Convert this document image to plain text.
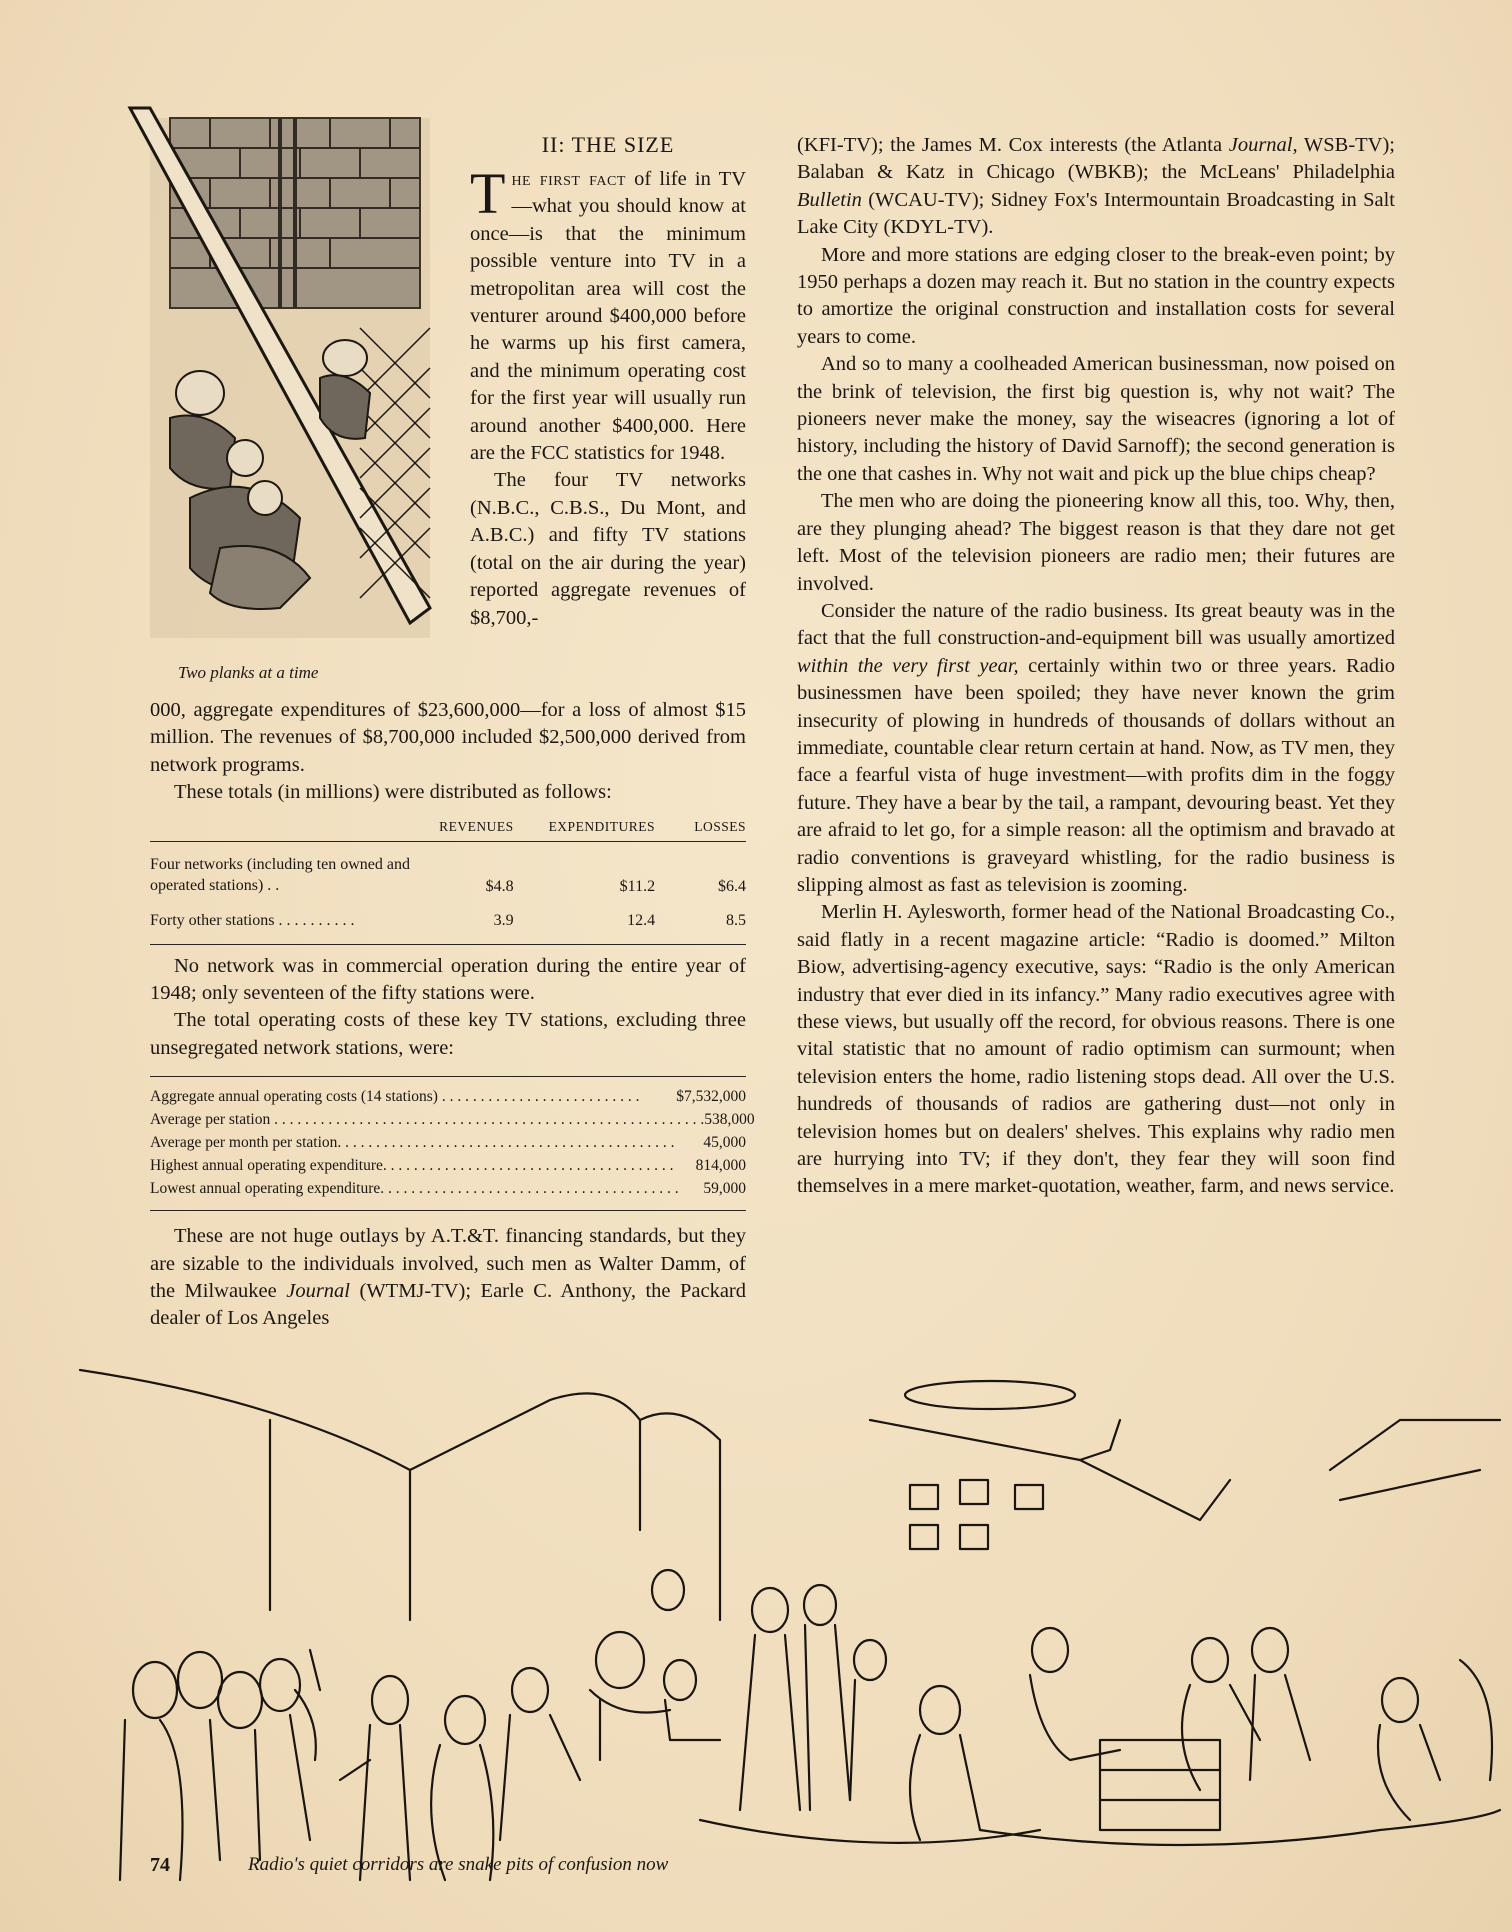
Two planks at a time
II: THE SIZE

The first fact of life in TV—what you should know at once—is that the minimum possible venture into TV in a metropolitan area will cost the venturer around $400,000 before he warms up his first camera, and the minimum operating cost for the first year will usually run around another $400,000. Here are the FCC statistics for 1948.

The four TV networks (N.B.C., C.B.S., Du Mont, and A.B.C.) and fifty TV stations (total on the air during the year) reported aggregate revenues of $8,700,-

000, aggregate expenditures of $23,600,000—for a loss of almost $15 million. The revenues of $8,700,000 included $2,500,000 derived from network programs.

These totals (in millions) were distributed as follows:

	REVENUES	EXPENDITURES	LOSSES
Four networks (including ten owned and operated stations) . .	$4.8	$11.2	$6.4
Forty other stations . . . . . . . . . .	3.9	12.4	8.5

No network was in commercial operation during the entire year of 1948; only seventeen of the fifty stations were.

The total operating costs of these key TV stations, excluding three unsegregated network stations, were:

Aggregate annual operating costs (14 stations) . . . . . . . . . . . . . . . . . . . . . . . . . .	$7,532,000
Average per station . . . . . . . . . . . . . . . . . . . . . . . . . . . . . . . . . . . . . . . . . . . . . . . . . . . . . . . . 538,000
Average per month per station. . . . . . . . . . . . . . . . . . . . . . . . . . . . . . . . . . . . . . . . . . . .	45,000
Highest annual operating expenditure. . . . . . . . . . . . . . . . . . . . . . . . . . . . . . . . . . . . . .	814,000
Lowest annual operating expenditure. . . . . . . . . . . . . . . . . . . . . . . . . . . . . . . . . . . . . . .	59,000

These are not huge outlays by A.T.&T. financing standards, but they are sizable to the individuals involved, such men as Walter Damm, of the Milwaukee Journal (WTMJ-TV); Earle C. Anthony, the Packard dealer of Los Angeles

(KFI-TV); the James M. Cox interests (the Atlanta Journal, WSB-TV); Balaban & Katz in Chicago (WBKB); the McLeans' Philadelphia Bulletin (WCAU-TV); Sidney Fox's Intermountain Broadcasting in Salt Lake City (KDYL-TV).

More and more stations are edging closer to the break-even point; by 1950 perhaps a dozen may reach it. But no station in the country expects to amortize the original construction and installation costs for several years to come.

And so to many a coolheaded American businessman, now poised on the brink of television, the first big question is, why not wait? The pioneers never make the money, say the wiseacres (ignoring a lot of history, including the history of David Sarnoff); the second generation is the one that cashes in. Why not wait and pick up the blue chips cheap?

The men who are doing the pioneering know all this, too. Why, then, are they plunging ahead? The biggest reason is that they dare not get left. Most of the television pioneers are radio men; their futures are involved.

Consider the nature of the radio business. Its great beauty was in the fact that the full construction-and-equipment bill was usually amortized within the very first year, certainly within two or three years. Radio businessmen have been spoiled; they have never known the grim insecurity of plowing in hundreds of thousands of dollars without an immediate, countable clear return certain at hand. Now, as TV men, they face a fearful vista of huge investment—with profits dim in the foggy future. They have a bear by the tail, a rampant, devouring beast. Yet they are afraid to let go, for a simple reason: all the optimism and bravado at radio conventions is graveyard whistling, for the radio business is slipping almost as fast as television is zooming.

Merlin H. Aylesworth, former head of the National Broadcasting Co., said flatly in a recent magazine article: “Radio is doomed.” Milton Biow, advertising-agency executive, says: “Radio is the only American industry that ever died in its infancy.” Many radio executives agree with these views, but usually off the record, for obvious reasons. There is one vital statistic that no amount of radio optimism can surmount; when television enters the home, radio listening stops dead. All over the U.S. hundreds of thousands of radios are gathering dust—not only in television homes but on dealers' shelves. This explains why radio men are hurrying into TV; if they don't, they fear they will soon find themselves in a mere market-quotation, weather, farm, and news service.

74	Radio's quiet corridors are snake pits of confusion now
